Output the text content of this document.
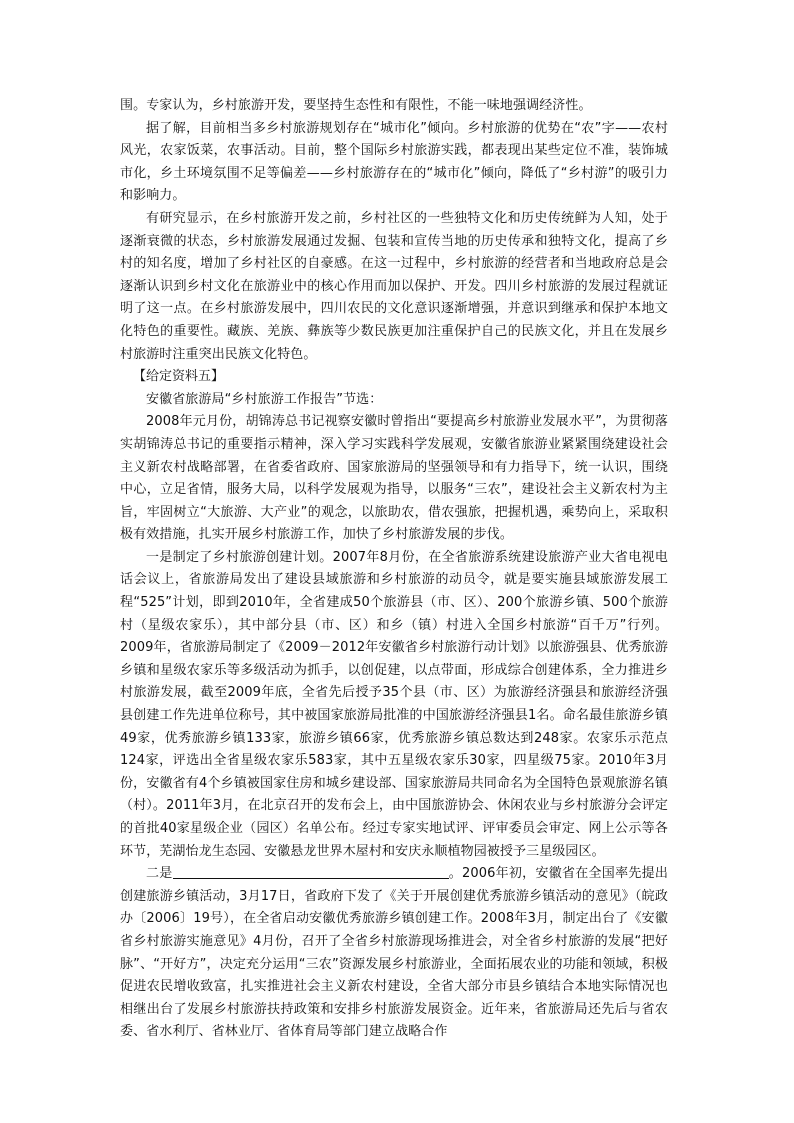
围。专家认为，乡村旅游开发，要坚持生态性和有限性，不能一味地强调经济性。

据了解，目前相当多乡村旅游规划存在“城市化”倾向。乡村旅游的优势在“农”字——农村风光，农家饭菜，农事活动。目前，整个国际乡村旅游实践，都表现出某些定位不准，装饰城市化，乡土环境氛围不足等偏差——乡村旅游存在的“城市化”倾向，降低了“乡村游”的吸引力和影响力。

有研究显示，在乡村旅游开发之前，乡村社区的一些独特文化和历史传统鲜为人知，处于逐渐衰微的状态，乡村旅游发展通过发掘、包装和宣传当地的历史传承和独特文化，提高了乡村的知名度，增加了乡村社区的自豪感。在这一过程中，乡村旅游的经营者和当地政府总是会逐渐认识到乡村文化在旅游业中的核心作用而加以保护、开发。四川乡村旅游的发展过程就证明了这一点。在乡村旅游发展中，四川农民的文化意识逐渐增强，并意识到继承和保护本地文化特色的重要性。藏族、羌族、彝族等少数民族更加注重保护自己的民族文化，并且在发展乡村旅游时注重突出民族文化特色。

【给定资料五】

安徽省旅游局“乡村旅游工作报告”节选：

2008年元月份，胡锦涛总书记视察安徽时曾指出“要提高乡村旅游业发展水平”，为贯彻落实胡锦涛总书记的重要指示精神，深入学习实践科学发展观，安徽省旅游业紧紧围绕建设社会主义新农村战略部署，在省委省政府、国家旅游局的坚强领导和有力指导下，统一认识，围绕中心，立足省情，服务大局，以科学发展观为指导，以服务“三农”，建设社会主义新农村为主旨，牢固树立“大旅游、大产业”的观念，以旅助农，借农强旅，把握机遇，乘势向上，采取积极有效措施，扎实开展乡村旅游工作，加快了乡村旅游发展的步伐。

一是制定了乡村旅游创建计划。2007年8月份，在全省旅游系统建设旅游产业大省电视电话会议上，省旅游局发出了建设县域旅游和乡村旅游的动员令，就是要实施县域旅游发展工程“525”计划，即到2010年，全省建成50个旅游县（市、区）、200个旅游乡镇、500个旅游村（星级农家乐），其中部分县（市、区）和乡（镇）村进入全国乡村旅游“百千万”行列。2009年，省旅游局制定了《2009－2012年安徽省乡村旅游行动计划》以旅游强县、优秀旅游乡镇和星级农家乐等多级活动为抓手，以创促建，以点带面，形成综合创建体系，全力推进乡村旅游发展，截至2009年底，全省先后授予35个县（市、区）为旅游经济强县和旅游经济强县创建工作先进单位称号，其中被国家旅游局批准的中国旅游经济强县1名。命名最佳旅游乡镇49家，优秀旅游乡镇133家，旅游乡镇66家，优秀旅游乡镇总数达到248家。农家乐示范点124家，评选出全省星级农家乐583家，其中五星级农家乐30家，四星级75家。2010年3月份，安徽省有4个乡镇被国家住房和城乡建设部、国家旅游局共同命名为全国特色景观旅游名镇（村）。2011年3月，在北京召开的发布会上，由中国旅游协会、休闲农业与乡村旅游分会评定的首批40家星级企业（园区）名单公布。经过专家实地试评、评审委员会审定、网上公示等各环节，芜湖怡龙生态园、安徽悬龙世界木屋村和安庆永顺植物园被授予三星级园区。

二是	。2006年初，安徽省在全国率先提出创建旅游乡镇活动，3月17日，省政府下发了《关于开展创建优秀旅游乡镇活动的意见》（皖政办〔2006〕19号），在全省启动安徽优秀旅游乡镇创建工作。2008年3月，制定出台了《安徽省乡村旅游实施意见》4月份，召开了全省乡村旅游现场推进会，对全省乡村旅游的发展“把好脉”、“开好方”，决定充分运用“三农”资源发展乡村旅游业，全面拓展农业的功能和领域，积极促进农民增收致富，扎实推进社会主义新农村建设，全省大部分市县乡镇结合本地实际情况也相继出台了发展乡村旅游扶持政策和安排乡村旅游发展资金。近年来，省旅游局还先后与省农委、省水利厅、省林业厅、省体育局等部门建立战略合作
